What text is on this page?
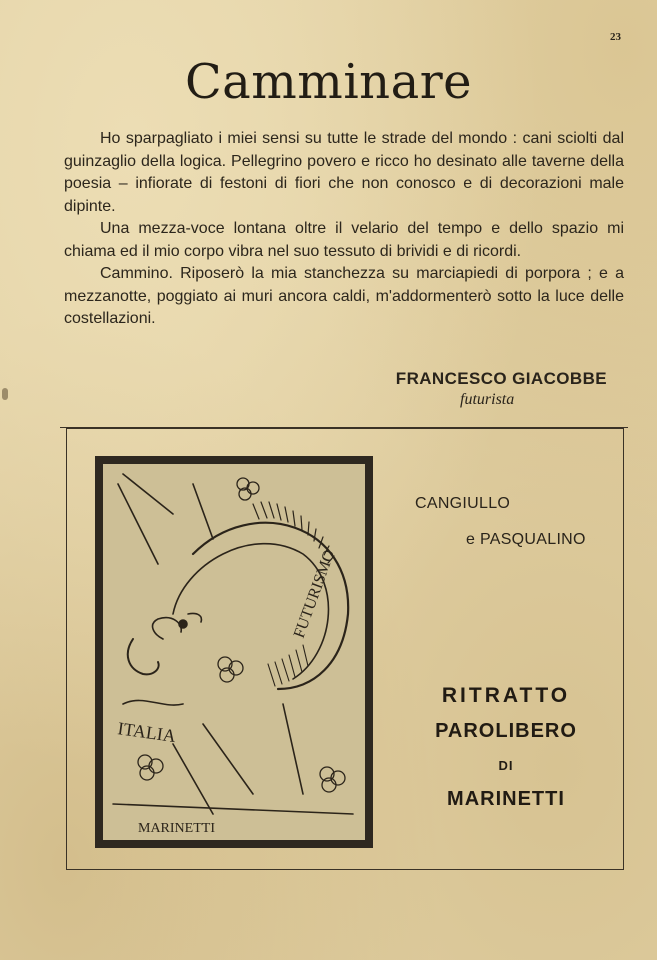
23
Camminare

Ho sparpagliato i miei sensi su tutte le strade del mondo : cani sciolti dal guinzaglio della logica. Pellegrino povero e ricco ho desinato alle taverne della poesia – infiorate di festoni di fiori che non conosco e di decorazioni male dipinte.

Una mezza-voce lontana oltre il velario del tempo e dello spazio mi chiama ed il mio corpo vibra nel suo tessuto di brividi e di ricordi.

Cammino. Riposerò la mia stanchezza su marciapiedi di porpora ; e a mezzanotte, poggiato ai muri ancora caldi, m'addormenterò sotto la luce delle costellazioni.

FRANCESCO GIACOBBE
futurista
ITALIA
FUTURISMO
MARINETTI
CANGIULLO
e PASQUALINO
RITRATTO
PAROLIBERO
DI
MARINETTI
